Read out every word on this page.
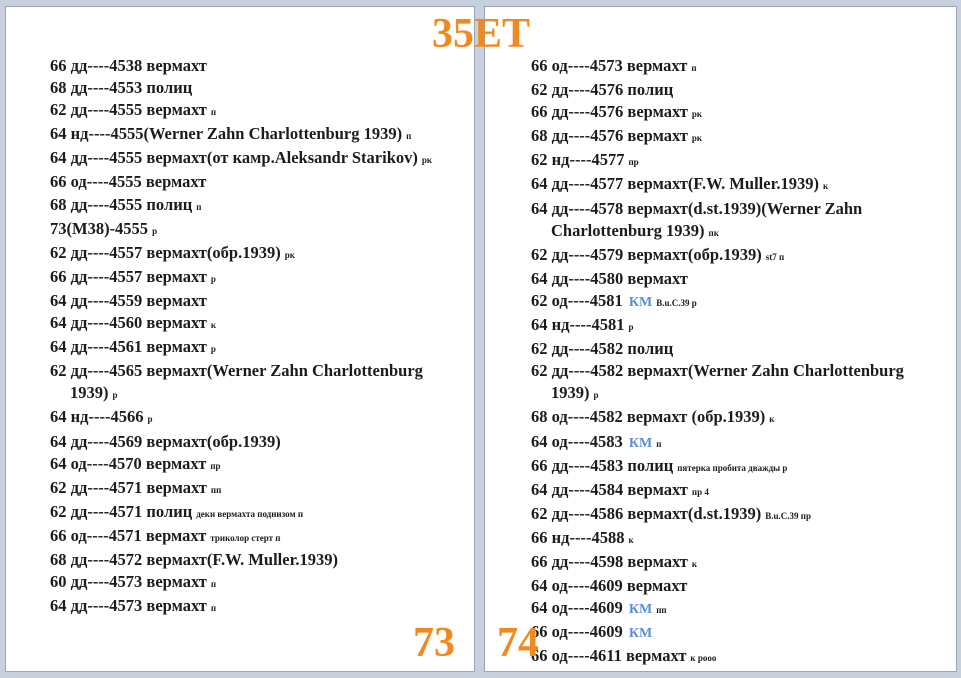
66 дд----4538 вермахт
68 дд----4553 полиц
62 дд----4555 вермахт п
64 нд----4555(Werner Zahn Charlottenburg 1939) п
64 дд----4555 вермахт(от камр.Aleksandr Starikov) рк
66 од----4555 вермахт
68 дд----4555 полиц п
73(M38)-4555 р
62 дд----4557 вермахт(обр.1939) рк
66 дд----4557 вермахт р
64 дд----4559 вермахт
64 дд----4560 вермахт к
64 дд----4561 вермахт р
62 дд----4565 вермахт(Werner Zahn Charlottenburg 1939) р
64 нд----4566 р
64 дд----4569 вермахт(обр.1939)
64 од----4570 вермахт пр
62 дд----4571 вермахт пп
62 дд----4571 полиц деки вермахта поднизом п
66 од----4571 вермахт триколор стерт п
68 дд----4572 вермахт(F.W. Muller.1939)
60 дд----4573 вермахт п
64 дд----4573 вермахт п
66 од----4573 вермахт п
62 дд----4576 полиц
66 дд----4576 вермахт рк
68 дд----4576 вермахт рк
62 нд----4577 пр
64 дд----4577 вермахт(F.W. Muller.1939) к
64 дд----4578 вермахт(d.st.1939)(Werner Zahn Charlottenburg 1939) пк
62 дд----4579 вермахт(обр.1939) st7 п
64 дд----4580 вермахт
62 од----4581 КМ B.u.C.39 р
64 нд----4581 р
62 дд----4582 полиц
62 дд----4582 вермахт(Werner Zahn Charlottenburg 1939) р
68 од----4582 вермахт (обр.1939) к
64 од----4583 КМ п
66 дд----4583 полиц пятерка пробита дважды р
64 дд----4584 вермахт пр 4
62 дд----4586 вермахт(d.st.1939) B.u.C.39 пр
66 нд----4588 к
66 дд----4598 вермахт к
64 од----4609 вермахт
64 од----4609 КМ пп
66 од----4609 КМ
66 од----4611 вермахт к рооо
35ЕТ
73 74
